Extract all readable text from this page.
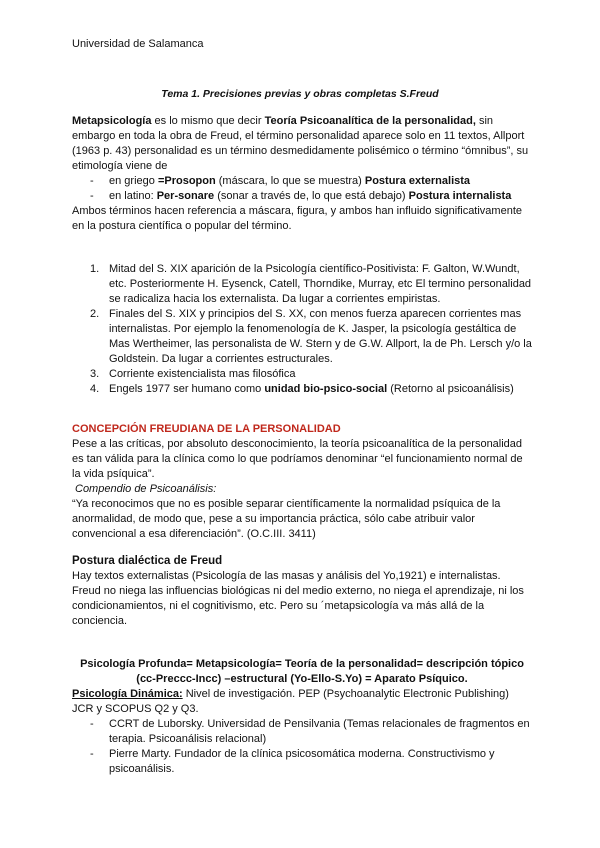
Universidad de Salamanca
Tema 1. Precisiones previas y obras completas S.Freud

Metapsicología es lo mismo que decir Teoría Psicoanalítica de la personalidad, sin embargo en toda la obra de Freud, el término personalidad aparece solo en 11 textos, Allport (1963 p. 43) personalidad es un término desmedidamente polisémico o término “ómnibus”, su etimología viene de

- en griego =Prosopon (máscara, lo que se muestra) Postura externalista
- en latino: Per-sonare (sonar a través de, lo que está debajo) Postura internalista

Ambos términos hacen referencia a máscara, figura, y ambos han influido significativamente en la postura científica o popular del término.

1. Mitad del S. XIX aparición de la Psicología científico-Positivista: F. Galton, W.Wundt, etc. Posteriormente H. Eysenck, Catell, Thorndike, Murray, etc El termino personalidad se radicaliza hacia los externalista. Da lugar a corrientes empiristas.
2. Finales del S. XIX y principios del S. XX, con menos fuerza aparecen corrientes mas internalistas. Por ejemplo la fenomenología de K. Jasper, la psicología gestáltica de Mas Wertheimer, las personalista de W. Stern y de G.W. Allport, la de Ph. Lersch y/o la Goldstein. Da lugar a corrientes estructurales.
3. Corriente existencialista mas filosófica
4. Engels 1977 ser humano como unidad bio-psico-social (Retorno al psicoanálisis)

CONCEPCIÓN FREUDIANA DE LA PERSONALIDAD

Pese a las críticas, por absoluto desconocimiento, la teoría psicoanalítica de la personalidad es tan válida para la clínica como lo que podríamos denominar “el funcionamiento normal de la vida psíquica”.

Compendio de Psicoanálisis:

“Ya reconocimos que no es posible separar científicamente la normalidad psíquica de la anormalidad, de modo que, pese a su importancia práctica, sólo cabe atribuir valor convencional a esa diferenciación”. (O.C.III. 3411)

Postura dialéctica de Freud

Hay textos externalistas (Psicología de las masas y análisis del Yo,1921) e internalistas. Freud no niega las influencias biológicas ni del medio externo, no niega el aprendizaje, ni los condicionamientos, ni el cognitivismo, etc. Pero su ´metapsicología va más allá de la conciencia.

Psicología Profunda= Metapsicología= Teoría de la personalidad= descripción tópico

(cc-Preccc-Incc) –estructural (Yo-Ello-S.Yo) = Aparato Psíquico.

Psicología Dinámica: Nivel de investigación. PEP (Psychoanalytic Electronic Publishing) JCR y SCOPUS Q2 y Q3.

- CCRT de Luborsky. Universidad de Pensilvania (Temas relacionales de fragmentos en terapia. Psicoanálisis relacional)
- Pierre Marty. Fundador de la clínica psicosomática moderna. Constructivismo y psicoanálisis.
